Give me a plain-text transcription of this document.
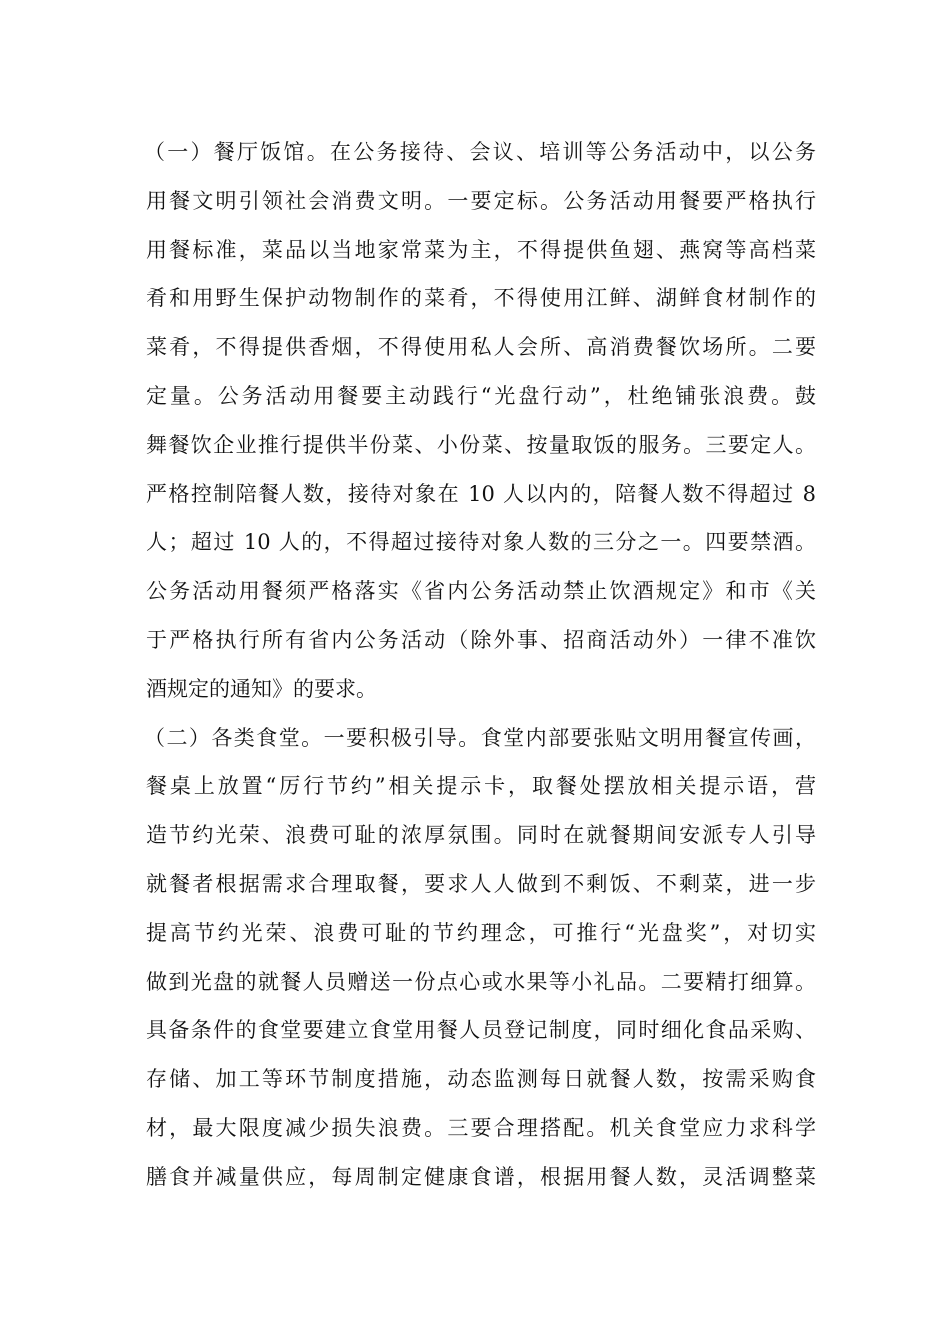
（一）餐厅饭馆。在公务接待、会议、培训等公务活动中，以公务
用餐文明引领社会消费文明。一要定标。公务活动用餐要严格执行
用餐标准，菜品以当地家常菜为主，不得提供鱼翅、燕窝等高档菜
肴和用野生保护动物制作的菜肴，不得使用江鲜、湖鲜食材制作的
菜肴，不得提供香烟，不得使用私人会所、高消费餐饮场所。二要
定量。公务活动用餐要主动践行“光盘行动”，杜绝铺张浪费。鼓
舞餐饮企业推行提供半份菜、小份菜、按量取饭的服务。三要定人。
严格控制陪餐人数，接待对象在 10 人以内的，陪餐人数不得超过 8
人；超过 10 人的，不得超过接待对象人数的三分之一。四要禁酒。
公务活动用餐须严格落实《省内公务活动禁止饮酒规定》和市《关
于严格执行所有省内公务活动（除外事、招商活动外）一律不准饮
酒规定的通知》的要求。
（二）各类食堂。一要积极引导。食堂内部要张贴文明用餐宣传画，
餐桌上放置“厉行节约”相关提示卡，取餐处摆放相关提示语，营
造节约光荣、浪费可耻的浓厚氛围。同时在就餐期间安派专人引导
就餐者根据需求合理取餐，要求人人做到不剩饭、不剩菜，进一步
提高节约光荣、浪费可耻的节约理念，可推行“光盘奖”，对切实
做到光盘的就餐人员赠送一份点心或水果等小礼品。二要精打细算。
具备条件的食堂要建立食堂用餐人员登记制度，同时细化食品采购、
存储、加工等环节制度措施，动态监测每日就餐人数，按需采购食
材，最大限度减少损失浪费。三要合理搭配。机关食堂应力求科学
膳食并减量供应，每周制定健康食谱，根据用餐人数，灵活调整菜
